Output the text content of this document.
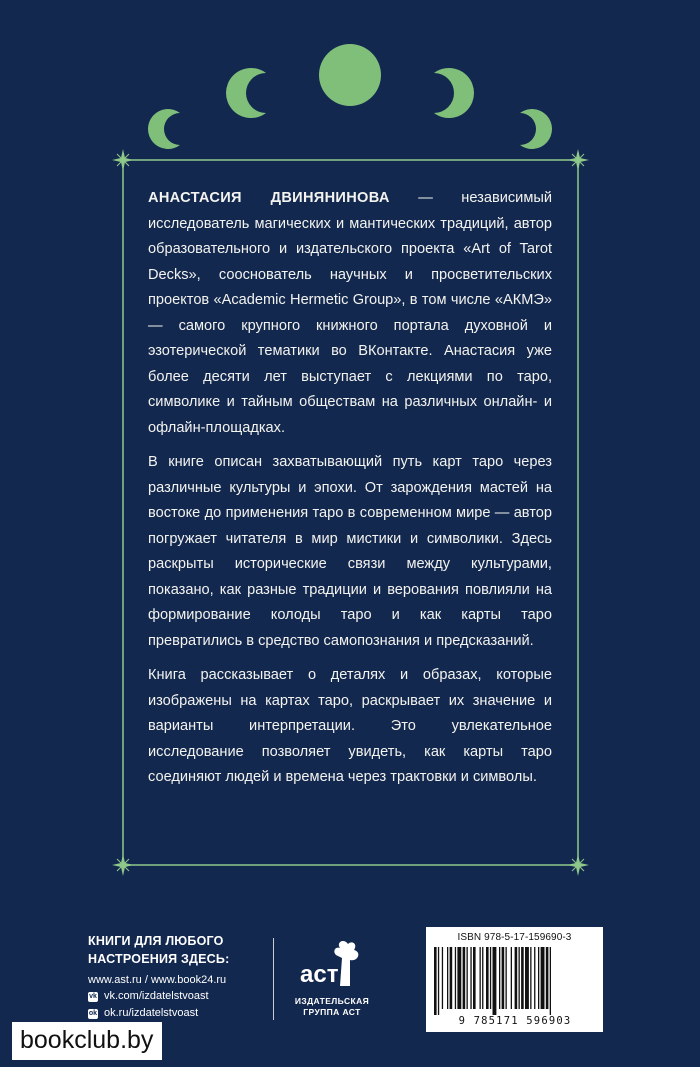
АНАСТАСИЯ ДВИНЯНИНОВА — независимый исследователь магических и мантических традиций, автор образовательного и издательского проекта «Art of Tarot Decks», сооснователь научных и просветительских проектов «Academic Hermetic Group», в том числе «АКМЭ» — самого крупного книжного портала духовной и эзотерической тематики во ВКонтакте. Анастасия уже более десяти лет выступает с лекциями по таро, символике и тайным обществам на различных онлайн- и офлайн-площадках.

В книге описан захватывающий путь карт таро через различные культуры и эпохи. От зарождения мастей на востоке до применения таро в современном мире — автор погружает читателя в мир мистики и символики. Здесь раскрыты исторические связи между культурами, показано, как разные традиции и верования повлияли на формирование колоды таро и как карты таро превратились в средство самопознания и предсказаний.

Книга рассказывает о деталях и образах, которые изображены на картах таро, раскрывает их значение и варианты интерпретации. Это увлекательное исследование позволяет увидеть, как карты таро соединяют людей и времена через трактовки и символы.

КНИГИ ДЛЯ ЛЮБОГО
НАСТРОЕНИЯ ЗДЕСЬ:
www.ast.ru / www.book24.ru
vk vk.com/izdatelstvoast
ok ok.ru/izdatelstvoast
аст
ИЗДАТЕЛЬСКАЯ
ГРУППА АСТ
ISBN 978-5-17-159690-3
9 785171 596903
bookclub.by
